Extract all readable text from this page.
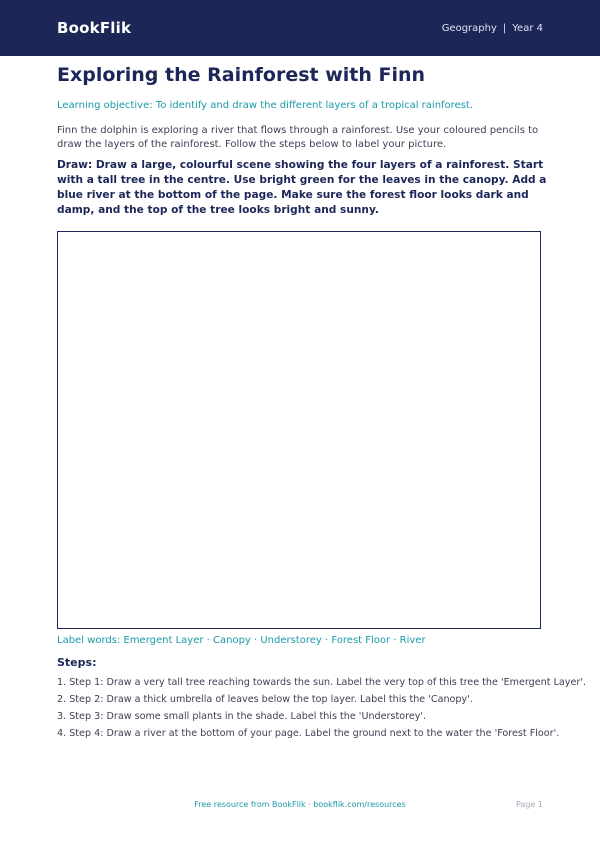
BookFlik	Geography | Year 4
Exploring the Rainforest with Finn
Learning objective: To identify and draw the different layers of a tropical rainforest.
Finn the dolphin is exploring a river that flows through a rainforest. Use your coloured pencils to draw the layers of the rainforest. Follow the steps below to label your picture.
Draw: Draw a large, colourful scene showing the four layers of a rainforest. Start with a tall tree in the centre. Use bright green for the leaves in the canopy. Add a blue river at the bottom of the page. Make sure the forest floor looks dark and damp, and the top of the tree looks bright and sunny.
Label words: Emergent Layer · Canopy · Understorey · Forest Floor · River
Steps:
1. Step 1: Draw a very tall tree reaching towards the sun. Label the very top of this tree the 'Emergent Layer'.
2. Step 2: Draw a thick umbrella of leaves below the top layer. Label this the 'Canopy'.
3. Step 3: Draw some small plants in the shade. Label this the 'Understorey'.
4. Step 4: Draw a river at the bottom of your page. Label the ground next to the water the 'Forest Floor'.
Free resource from BookFlik · bookflik.com/resources	Page 1
